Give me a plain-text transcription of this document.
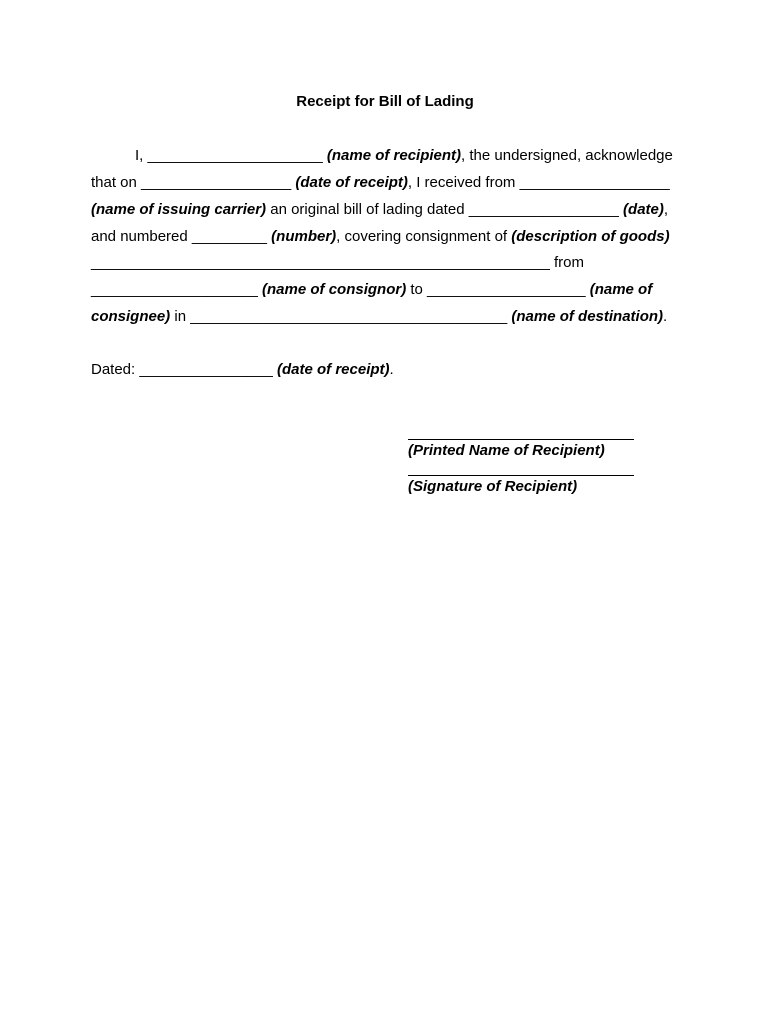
Receipt for Bill of Lading
I, _____________________ (name of recipient), the undersigned, acknowledge
that on __________________ (date of receipt), I received from __________________
(name of issuing carrier) an original bill of lading dated __________________ (date),
and numbered _________ (number), covering consignment of (description of goods)
_______________________________________________________ from
____________________ (name of consignor) to ___________________ (name of
consignee) in ______________________________________ (name of destination).
Dated: ________________ (date of receipt).
(Printed Name of Recipient)
(Signature of Recipient)
